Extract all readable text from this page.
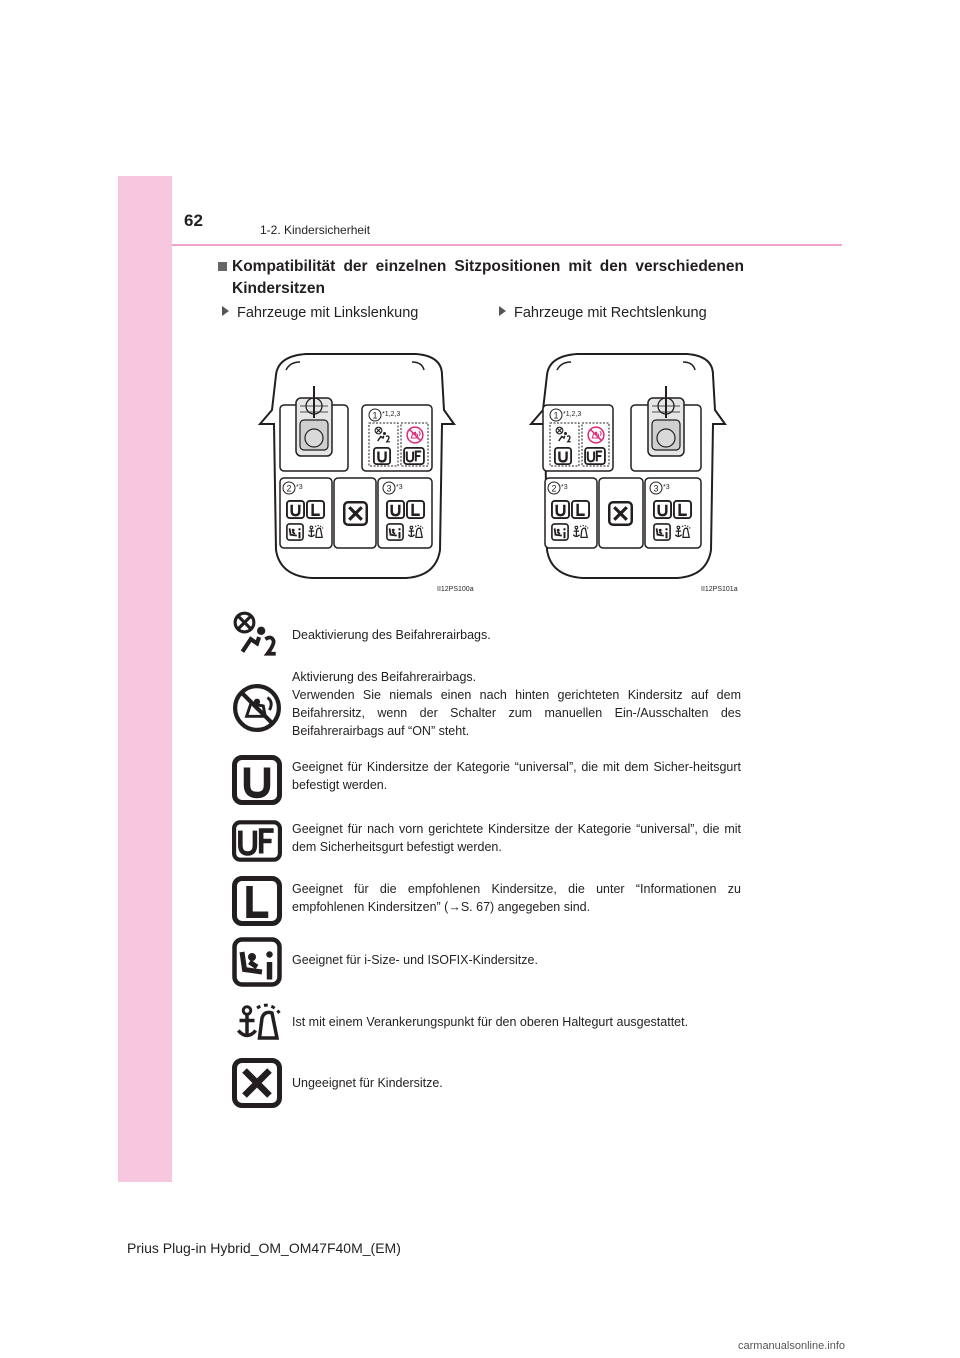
62	1-2. Kindersicherheit
Kompatibilität der einzelnen Sitzpositionen mit den verschiedenen
Kindersitzen
Fahrzeuge mit Linkslenkung	Fahrzeuge mit Rechtslenkung
1 *1,2,3
2 *3	3 *3
II12PS100a
1 *1,2,3
2 *3	3 *3
II12PS101a
Deaktivierung des Beifahrerairbags.
Aktivierung des Beifahrerairbags.
Verwenden Sie niemals einen nach hinten gerichteten Kindersitz auf dem Beifahrersitz, wenn der Schalter zum manuellen Ein-/Ausschalten des Beifahrerairbags auf “ON” steht.
Geeignet für Kindersitze der Kategorie “universal”, die mit dem Sicher-heitsgurt befestigt werden.
Geeignet für nach vorn gerichtete Kindersitze der Kategorie “universal”, die mit dem Sicherheitsgurt befestigt werden.
Geeignet für die empfohlenen Kindersitze, die unter “Informationen zu empfohlenen Kindersitzen” (→S. 67) angegeben sind.
Geeignet für i-Size- und ISOFIX-Kindersitze.
Ist mit einem Verankerungspunkt für den oberen Haltegurt ausgestattet.
Ungeeignet für Kindersitze.
Prius Plug-in Hybrid_OM_OM47F40M_(EM)
carmanualsonline.info
